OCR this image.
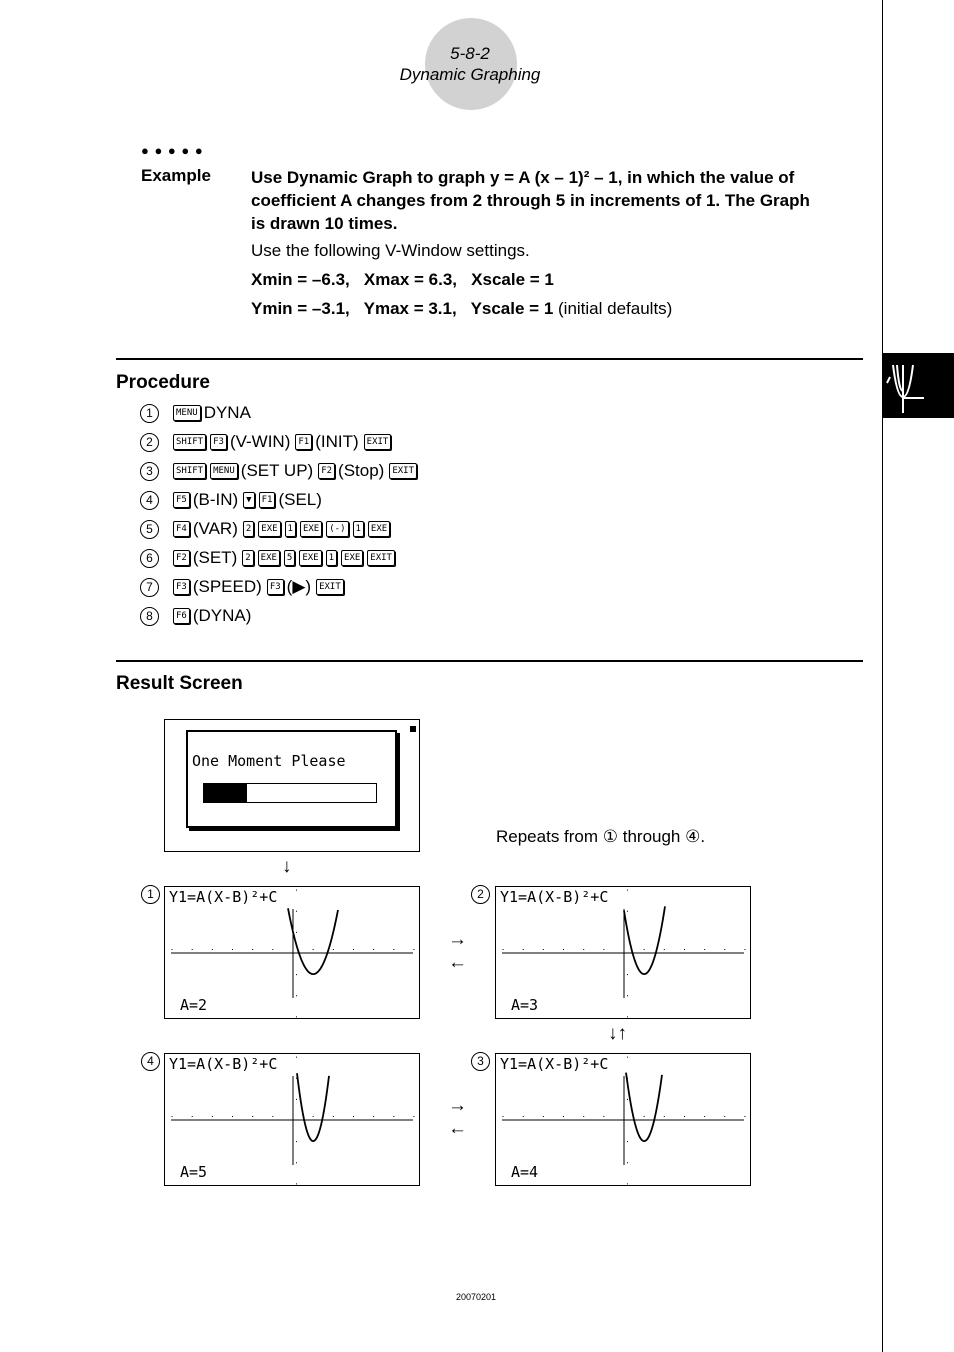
5-8-2
Dynamic Graphing
● ● ● ● ●
Example Use Dynamic Graph to graph y = A (x – 1)² – 1, in which the value of
coefficient A changes from 2 through 5 in increments of 1. The Graph
is drawn 10 times.
Use the following V-Window settings.
Xmin = –6.3,   Xmax = 6.3,   Xscale = 1
Ymin = –3.1,   Ymax = 3.1,   Yscale = 1 (initial defaults)
Procedure
1	MENU DYNA
2	SHIFT	F3 (V-WIN) F1 (INIT) EXIT
3	SHIFT	MENU (SET UP) F2 (Stop) EXIT
4	F5 (B-IN) ▼	F1 (SEL)
5	F4 (VAR) 2	EXE	1	EXE	(-)	1	EXE
6	F2 (SET) 2	EXE	5	EXE	1	EXE	EXIT
7	F3 (SPEED) F3 (▶) EXIT
8	F6 (DYNA)
Result Screen
One Moment Please
Repeats from ① through ④.
↓
1	2
4	3
Y1=A(X-B)²+C
A=2
Y1=A(X-B)²+C
A=3
Y1=A(X-B)²+C
A=5
Y1=A(X-B)²+C
A=4
→
←
↓↑
→
←
20070201
